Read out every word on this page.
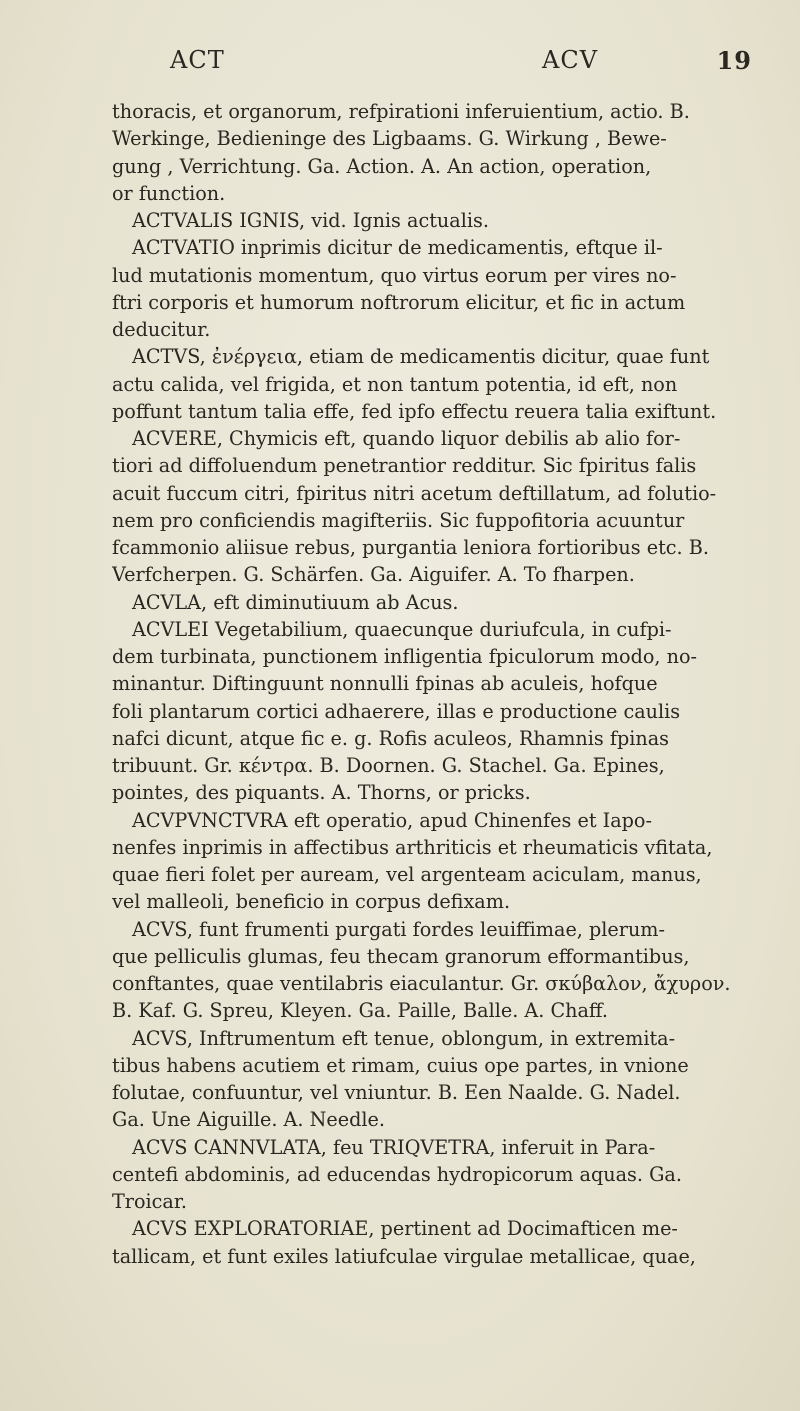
ACT	ACV	19
thoracis, et organorum, refpirationi inferuientium, actio. B.
Werkinge, Bedieninge des Ligbaams. G. Wirkung , Bewe-
gung , Verrichtung. Ga. Action. A. An action, operation,
or function.
ACTVALIS IGNIS, vid. Ignis actualis.
ACTVATIO inprimis dicitur de medicamentis, eftque il-
lud mutationis momentum, quo virtus eorum per vires no-
ftri corporis et humorum noftrorum elicitur, et fic in actum
deducitur.
ACTVS, ἐνέργεια, etiam de medicamentis dicitur, quae funt
actu calida, vel frigida, et non tantum potentia, id eft, non
poffunt tantum talia effe, fed ipfo effectu reuera talia exiftunt.
ACVERE, Chymicis eft, quando liquor debilis ab alio for-
tiori ad diffoluendum penetrantior redditur. Sic fpiritus falis
acuit fuccum citri, fpiritus nitri acetum deftillatum, ad folutio-
nem pro conficiendis magifteriis. Sic fuppofitoria acuuntur
fcammonio aliisue rebus, purgantia leniora fortioribus etc. B.
Verfcherpen. G. Schärfen. Ga. Aiguifer. A. To fharpen.
ACVLA, eft diminutiuum ab Acus.
ACVLEI Vegetabilium, quaecunque duriufcula, in cufpi-
dem turbinata, punctionem infligentia fpiculorum modo, no-
minantur. Diftinguunt nonnulli fpinas ab aculeis, hofque
foli plantarum cortici adhaerere, illas e productione caulis
nafci dicunt, atque fic e. g. Rofis aculeos, Rhamnis fpinas
tribuunt. Gr. κέντρα. B. Doornen. G. Stachel. Ga. Epines,
pointes, des piquants. A. Thorns, or pricks.
ACVPVNCTVRA eft operatio, apud Chinenfes et Iapo-
nenfes inprimis in affectibus arthriticis et rheumaticis vfitata,
quae fieri folet per auream, vel argenteam aciculam, manus,
vel malleoli, beneficio in corpus defixam.
ACVS, funt frumenti purgati fordes leuiffimae, plerum-
que pelliculis glumas, feu thecam granorum efformantibus,
conftantes, quae ventilabris eiaculantur. Gr. σκύβαλον, ἄχυρον.
B. Kaf. G. Spreu, Kleyen. Ga. Paille, Balle. A. Chaff.
ACVS, Inftrumentum eft tenue, oblongum, in extremita-
tibus habens acutiem et rimam, cuius ope partes, in vnione
folutae, confuuntur, vel vniuntur. B. Een Naalde. G. Nadel.
Ga. Une Aiguille. A. Needle.
ACVS CANNVLATA, feu TRIQVETRA, inferuit in Para-
centefi abdominis, ad educendas hydropicorum aquas. Ga.
Troicar.
ACVS EXPLORATORIAE, pertinent ad Docimafticen me-
tallicam, et funt exiles latiufculae virgulae metallicae, quae,
